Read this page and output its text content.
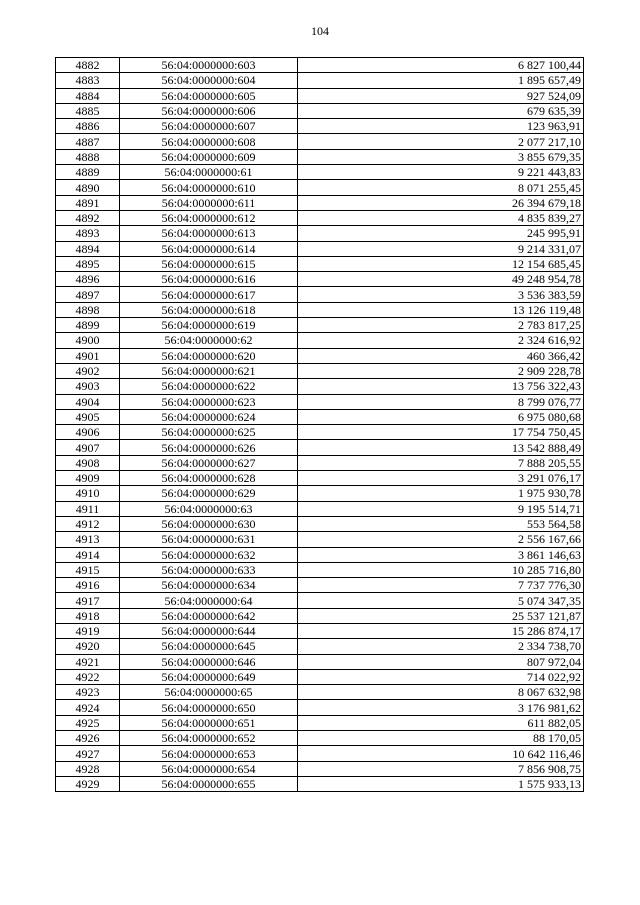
104
4882	56:04:0000000:603	6 827 100,44
4883	56:04:0000000:604	1 895 657,49
4884	56:04:0000000:605	927 524,09
4885	56:04:0000000:606	679 635,39
4886	56:04:0000000:607	123 963,91
4887	56:04:0000000:608	2 077 217,10
4888	56:04:0000000:609	3 855 679,35
4889	56:04:0000000:61	9 221 443,83
4890	56:04:0000000:610	8 071 255,45
4891	56:04:0000000:611	26 394 679,18
4892	56:04:0000000:612	4 835 839,27
4893	56:04:0000000:613	245 995,91
4894	56:04:0000000:614	9 214 331,07
4895	56:04:0000000:615	12 154 685,45
4896	56:04:0000000:616	49 248 954,78
4897	56:04:0000000:617	3 536 383,59
4898	56:04:0000000:618	13 126 119,48
4899	56:04:0000000:619	2 783 817,25
4900	56:04:0000000:62	2 324 616,92
4901	56:04:0000000:620	460 366,42
4902	56:04:0000000:621	2 909 228,78
4903	56:04:0000000:622	13 756 322,43
4904	56:04:0000000:623	8 799 076,77
4905	56:04:0000000:624	6 975 080,68
4906	56:04:0000000:625	17 754 750,45
4907	56:04:0000000:626	13 542 888,49
4908	56:04:0000000:627	7 888 205,55
4909	56:04:0000000:628	3 291 076,17
4910	56:04:0000000:629	1 975 930,78
4911	56:04:0000000:63	9 195 514,71
4912	56:04:0000000:630	553 564,58
4913	56:04:0000000:631	2 556 167,66
4914	56:04:0000000:632	3 861 146,63
4915	56:04:0000000:633	10 285 716,80
4916	56:04:0000000:634	7 737 776,30
4917	56:04:0000000:64	5 074 347,35
4918	56:04:0000000:642	25 537 121,87
4919	56:04:0000000:644	15 286 874,17
4920	56:04:0000000:645	2 334 738,70
4921	56:04:0000000:646	807 972,04
4922	56:04:0000000:649	714 022,92
4923	56:04:0000000:65	8 067 632,98
4924	56:04:0000000:650	3 176 981,62
4925	56:04:0000000:651	611 882,05
4926	56:04:0000000:652	88 170,05
4927	56:04:0000000:653	10 642 116,46
4928	56:04:0000000:654	7 856 908,75
4929	56:04:0000000:655	1 575 933,13
